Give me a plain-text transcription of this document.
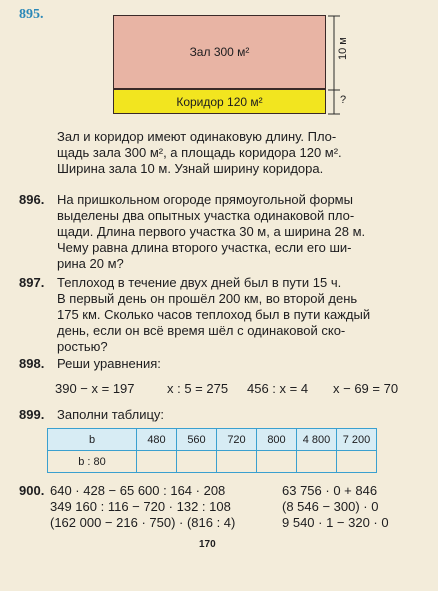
895.
Зал 300 м²
Коридор 120 м²
10 м
?
Зал и коридор имеют одинаковую длину. Пло-
щадь зала 300 м², а площадь коридора 120 м².
Ширина зала 10 м. Узнай ширину коридора.
896. На пришкольном огороде прямоугольной формы
выделены два опытных участка одинаковой пло-
щади. Длина первого участка 30 м, а ширина 28 м.
Чему равна длина второго участка, если его ши-
рина 20 м?
897. Теплоход в течение двух дней был в пути 15 ч.
В первый день он прошёл 200 км, во второй день
175 км. Сколько часов теплоход был в пути каждый
день, если он всё время шёл с одинаковой ско-
ростью?
898. Реши уравнения:
390 − x = 197 x : 5 = 275 456 : x = 4 x − 69 = 70
899. Заполни таблицу:
b	480	560	720	800	4 800	7 200
b : 80						
900. 640 · 428 − 65 600 : 164 · 208
349 160 : 116 − 720 · 132 : 108
(162 000 − 216 · 750) · (816 : 4)
63 756 · 0 + 846
(8 546 − 300) · 0
9 540 · 1 − 320 · 0
170
